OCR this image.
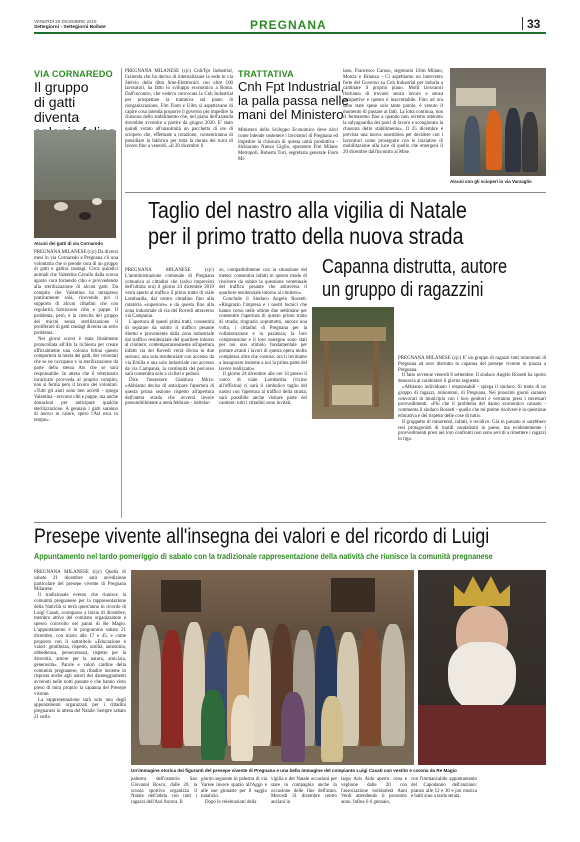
VENERDÌ 20 DICEMBRE 2019
Settegiorni - Settegiorni Bollate	PREGNANA	33
VIA CORNAREDO
Il gruppo
di gatti diventa
Alcuni dei gatti di via Cornaredo

PREGNANA MILANESE (cjc) Da diversi mesi in via Cornaredo a Pregnana c'è una volontaria che si prende cura di un gruppo di gatti e gattini randagi. Circa quindici animali che Valentina Cavallo dalla scorsa agosto cura fornendo cibo e provvedendo alla sterilizzazione di alcuni gatti. Da compito che Valentina ha intrapreso praticamente sola, ricevendo poi il supporto di alcuni cittadini che con regolarità forniscono cibo e pappe. Il problema, però, è la crescita del gruppo dei micini senza sterilizzazione il proliferare di gatti randagi diventa un serio problema.

Nei giorni scorsi è stata finalmente protocollata all'Ats la richiesta per creare ufficialmente una colonia felina questo comporterà la tutela dei gatti, dei volontari che se ne occupano e la sterilizzazione da parte della stessa Ats che se sarà responsabile. In attesa che il veterinario incaricato provveda al proprio compito, non si ferma però il lavoro dei volontari. «Tutti gli aiuti sono ben accetti - spiega Valentina - servono cibi e pappe, ma anche donazioni per anticipare qualche sterilizzazione. A gennaio i gatti saranno di nuovo in calore, spero l'Asl esca in tempo».

PREGNANA MILANESE (cjc) Cnh/Fpt Industrial, l'azienda che ha deciso di internalizzare la sede in via Stelvio della ditta Sme-Elettronics con oltre 100 lavoratori, ha fatto lo sviluppo economico a Roma. Dall'incontro, che vedeva convocata la Cnh Industrial per prospettare la trattativa sul piano di riorganizzazione, Fim Fiom e Uilm si aspettavano di capire cosa intenda proporre il governo per impedire la chiusura dello stabilimento che, nel piano dell'azienda dovrebbe avvenire a partire da giugno 2020. E' stato quindi votato all'unanimità un pacchetto di ore di sciopero che, effettuate a rotazione, consentiranno di presidiare la fabbrica per tutta la durata dei turni di lavoro fino a venerdì, «Il 20 dicembre il

TRATTATIVA
Cnh Fpt Industrial,
la palla passa nelle
mani del Ministero

Ministero dello Sviluppo Economico deve dirci come intende sostenere i lavoratori di Pregnana ed impedire la chiusura di questa unità produttiva - dichiarano Nunzo Giglio, operatore Fim Milano Metropoli, Roberta Turi, segretaria generale Fiom Mi-

lano, Francesco Caruso, segretario Uilm Milano, Monza e Brianza - Ci aspettiamo un intervento forte del Governo su Cnh Industrial per indurla a cambiare il proprio piano. Molti lavoratori rischiano di trovarsi senza lavoro e senza prospettive e questo è inaccettabile. Fino ad ora sono state spese solo tante parole, è venuto il momento di passare ai fatti. La lotta continua, non ci fermeremo fino a quando non avremo ottenuto la salvaguardia dei posti di lavoro e scongiurato la chiusura dello stabilimento». Il 25 dicembre è prevista una nuova assemblea per decidere con i lavoratori come proseguire con le iniziative di mobilitazione alla luce di quello che emergerà il 20 dicembre dall'incontro al Mise.

Alcuni con gli scioperi in via Varzaglio
Taglio del nastro alla vigilia di Natale
per il primo tratto della nuova strada

PREGNANA MILANESE (cjc) L'amministrazione comunale di Pregnana comunica ai cittadini che (salvo imprevisti dell'ultima ora) il giorno 24 dicembre 2019 verrà aperto al traffico il primo tratto di viale Lombardia, dal centro cittadino fino alla rotatoria «superiore» e da questa fino alla zona industriale di via dei Rovedi attraverso via Campania.

L'apertura di questi primi tratti, consentirà di separare da subito il traffico pesante diretto e proveniente dalla zona industriale dal traffico residenziale del quartiere intorno al cimitero: contemporaneamente all'apertura infatti via dei Rovedi verrà divisa in due sezioni, una sola residenziale con accesso da via Emilia e una solo industriale con accesso da via Campania, la continuità del percorso sarà consentita solo a ciclisti e pedoni.

Dice l'assessore Gianluca Mirra: «Abbiamo deciso di anticipare l'apertura di questa prima sezione rispetto all'apertura dell'intera strada che avverrà invece presumibilmente a metà febbraio - intitolar-

zo, compatibilmente con la situazione del meteo: consentirà infatti in questo modo di risolvere da subito la questione ventennale del traffico pesante che attraversa il quartiere residenziale intorno al cimitero».

Conclude il Sindaco Angelo Rosseti: «Ringrazio l'impresa e i nostri tecnici che hanno corso nelle ultime due settimane per consentire l'apertura di questo primo tratto di strada; ringrazio soprattutto, ancora una volta, i cittadini di Pregnana per la collaborazione e la pazienza; la loro comprensione e il loro sostegno sono stati per noi uno stimolo fondamentale per portare avanti i lavori di questa opera molto complessa oltre che costosa: ora li invitiamo a inaugurare insieme a noi la prima parte del lavoro realizzato».

Il giorno 24 dicembre alle ore 14 presso il varco di viale Lombardia (vicino all'officina) ci sarà il simbolico taglio del nastro con l'apertura al traffico della strada; sarà possibile anche visitare parte del cantiere: tutti i cittadini sono invitati.

Capanna distrutta, autore
un gruppo di ragazzini

PREGNANA MILANESE (cjc) E' un gruppo di ragazzi tutti minorenni di Pregnana ad aver distrutto la capanna del presepe vivente in piazza a Pregnana.

Il fatto avvenne venerdì 8 settembre. Il sindaco Angelo Rosseti ha sporto denuncia ai carabinieri il giorno seguente.

«Abbiamo individuato i responsabili - spiega il sindaco. Si tratta di un gruppo di ragazzi, minorenni, di Pregnana. Nei prossimi giorni saranno convocati in municipio con i loro genitori e verranno presi i necessari provvedimenti. «Più che il problema del danno economico causato - commenta il sindaco Rosseti - quello che mi preme risolvere è la questione educativa e del rispetto delle cose di tutti».

Il gruppetto di minorenni, infatti, è recidivo. Già in passato si sarebbero resi protagonisti di inutili vandalismi in paese, ma evidentemente i provvedimenti presi nei loro confronti non sono serviti a rimettere i ragazzi in riga.

Presepe vivente all'insegna dei valori e del ricordo di Luigi
Appuntamento nel tardo pomeriggio di sabato con la tradizionale rappresentazione della natività che riunisce la comunità pregnanese

PREGNANA MILANESE (cjc) Quella di sabato 21 dicembre sarà un'edizione particolare del presepe vivente di Pregnana Milanese.

Il tradizionale evento che riunisce la comunità pregnanese per la rappresentazione della Natività si terrà quest'anno in ricordo di Luigi Casati, scomparso a inizio di dicembre, membro attivo del comitato organizzatore e spesso coinvolto nei panni di Re Magio. L'appuntamento è in programma sabato 21 dicembre, con inizio alle 17 e 45, e come proposto con il sottotitolo «Educazione e valori: gentilezza, rispetto, umiltà, autostima, obbedienza, perseveranza, rispetto per la diversità, amore per la natura, amicizia, generosità». Parole e valori cardine della comunità pregnanese, da ribadire insieme in risposta anche agli autori dei danneggiamenti avvenuti nelle notti passate e che hanno visto preso di mira proprio la capanna del Presepe vivente.

La rappresentazione sarà solo uno degli appuntamenti organizzati per i cittadini pregnanesi in attesa del Natale. Sempre sabato 21 nella

Un'immagine storica dei figuranti del presepe vivente di Pregnana e una bella immagine del compianto Luigi Casati con vestito e corona da Re Magio

palestra dell'oratorio San Giovanni Bosco, dalle 20, la scuola sportiva organizza il Natale dell'atleta con tutti i ragazzi dell'Asd Aurora. Il

giorno seguente in palestra di via Varese invece spazio all'Aggo e alle sue ginnaste per il saggio natalizio.

Dopo le celebrazioni della

vigilia e del Natale occasioni per stare in compagnia anche in occasione delle fine dell'anno. Mercedì 31 dicembre centro anziani in

largo Avis Aido aperto: cena e veglione dalle 20 con l'associazione Solidarietà Anni Verdi attendendo il prossimo anno. Infine il 6 gennaio,

con l'immancabile appuntamento del Capodanno dell'anziano: pranzo alle 12 e 30 e poi musica e balli sino a tarda serata.
